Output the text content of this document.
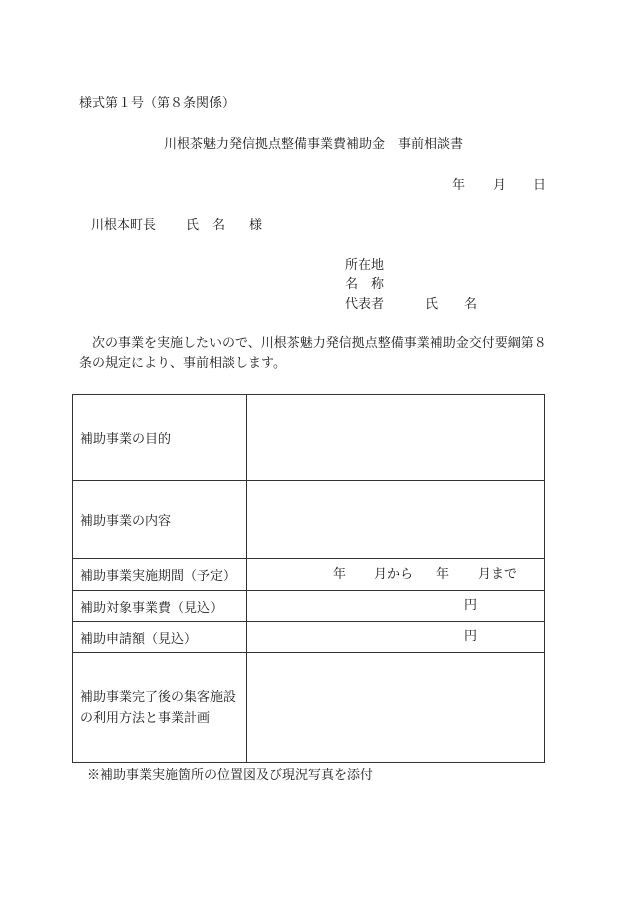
様式第１号（第８条関係）
川根茶魅力発信拠点整備事業費補助金　事前相談書
年 月 日
川根本町長 氏　名 様
所在地
名　称
代表者	氏　　名
次の事業を実施したいので、川根茶魅力発信拠点整備事業補助金交付要綱第８条の規定により、事前相談します。
補助事業の目的	
補助事業の内容	
補助事業実施期間（予定）	年 月から 年 月まで

補助対象事業費（見込）	円

補助申請額（見込）	円

補助事業完了後の集客施設
の利用方法と事業計画	

※補助事業実施箇所の位置図及び現況写真を添付
